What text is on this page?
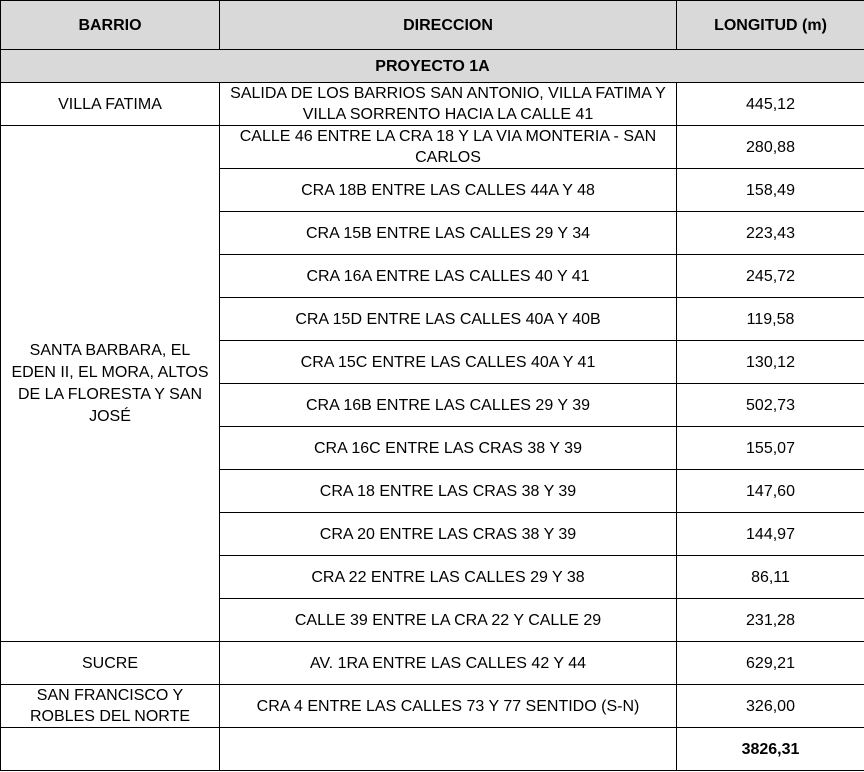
BARRIO	DIRECCION	LONGITUD (m)
PROYECTO 1A		
VILLA FATIMA	SALIDA DE LOS BARRIOS SAN ANTONIO, VILLA FATIMA Y VILLA SORRENTO HACIA LA CALLE 41	445,12
SANTA BARBARA, EL EDEN II, EL MORA, ALTOS DE LA FLORESTA Y SAN JOSÉ	CALLE 46 ENTRE LA CRA 18 Y LA VIA MONTERIA - SAN CARLOS	280,88
	CRA 18B ENTRE LAS CALLES 44A Y 48	158,49
	CRA 15B ENTRE LAS CALLES 29 Y 34	223,43
	CRA 16A ENTRE LAS CALLES 40 Y 41	245,72
	CRA 15D ENTRE LAS CALLES 40A Y 40B	119,58
	CRA 15C ENTRE LAS CALLES 40A Y 41	130,12
	CRA 16B ENTRE LAS CALLES 29 Y 39	502,73
	CRA 16C ENTRE LAS CRAS 38 Y 39	155,07
	CRA 18 ENTRE LAS CRAS 38 Y 39	147,60
	CRA 20 ENTRE LAS CRAS 38 Y 39	144,97
	CRA 22 ENTRE LAS CALLES 29 Y 38	86,11
	CALLE 39 ENTRE LA CRA 22 Y CALLE 29	231,28
SUCRE	AV. 1RA ENTRE LAS CALLES 42 Y 44	629,21
SAN FRANCISCO Y ROBLES DEL NORTE	CRA 4 ENTRE LAS CALLES 73 Y 77 SENTIDO (S-N)	326,00
		3826,31
